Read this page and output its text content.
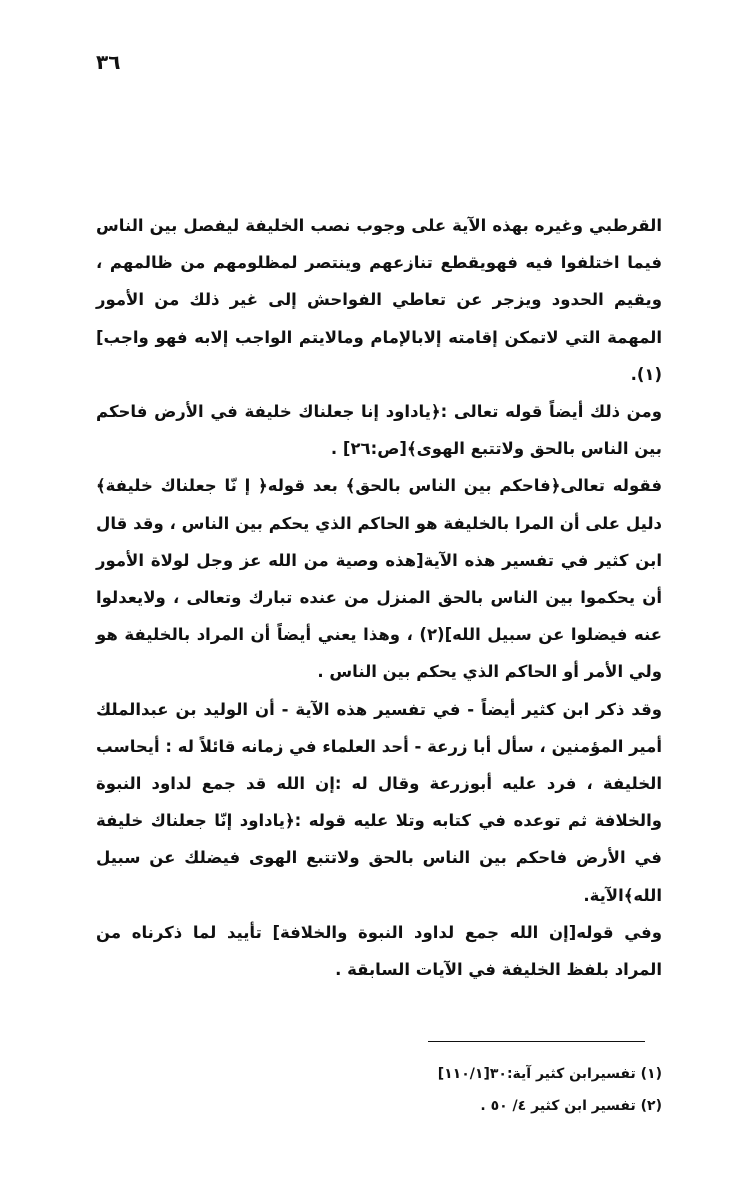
٣٦

القرطبي وغيره بهذه الآية على وجوب نصب الخليفة ليفصل بين الناس فيما اختلفوا فيه فهويقطع تنازعهم وينتصر لمظلومهم من ظالمهم ، ويقيم الحدود ويزجر عن تعاطي الفواحش إلى غير ذلك من الأمور المهمة التي لاتمكن إقامته إلابالإمام ومالايتم الواجب إلابه فهو واجب](١).

ومن ذلك أيضاً قوله تعالى :﴿ياداود إنا جعلناك خليفة في الأرض فاحكم بين الناس بالحق ولاتتبع الهوى﴾[ص:٢٦] .

فقوله تعالى﴿فاحكم بين الناس بالحق﴾ بعد قوله﴿ إ نّا جعلناك خليفة﴾ دليل على أن المرا بالخليفة هو الحاكم الذي يحكم بين الناس ، وقد قال ابن كثير في تفسير هذه الآية[هذه وصية من الله عز وجل لولاة الأمور أن يحكموا بين الناس بالحق المنزل من عنده تبارك وتعالى ، ولايعدلوا عنه فيضلوا عن سبيل الله](٢) ، وهذا يعني أيضاً أن المراد بالخليفة هو ولي الأمر أو الحاكم الذي يحكم بين الناس .

وقد ذكر ابن كثير أيضاً - في تفسير هذه الآية - أن الوليد بن عبدالملك أمير المؤمنين ، سأل أبا زرعة - أحد العلماء في زمانه قائلاً له : أيحاسب الخليفة ، فرد عليه أبوزرعة وقال له :إن الله قد جمع لداود النبوة والخلافة ثم توعده في كتابه وتلا عليه قوله :﴿ياداود إنّا جعلناك خليفة في الأرض فاحكم بين الناس بالحق ولاتتبع الهوى فيضلك عن سبيل الله﴾الآية.

وفي قوله[إن الله جمع لداود النبوة والخلافة] تأييد لما ذكرناه من المراد بلفظ الخليفة في الآيات السابقة .

(١) تفسيرابن كثير آية:٣٠[١١٠/١]

(٢) تفسير ابن كثير ٤/ ٥٠ .
